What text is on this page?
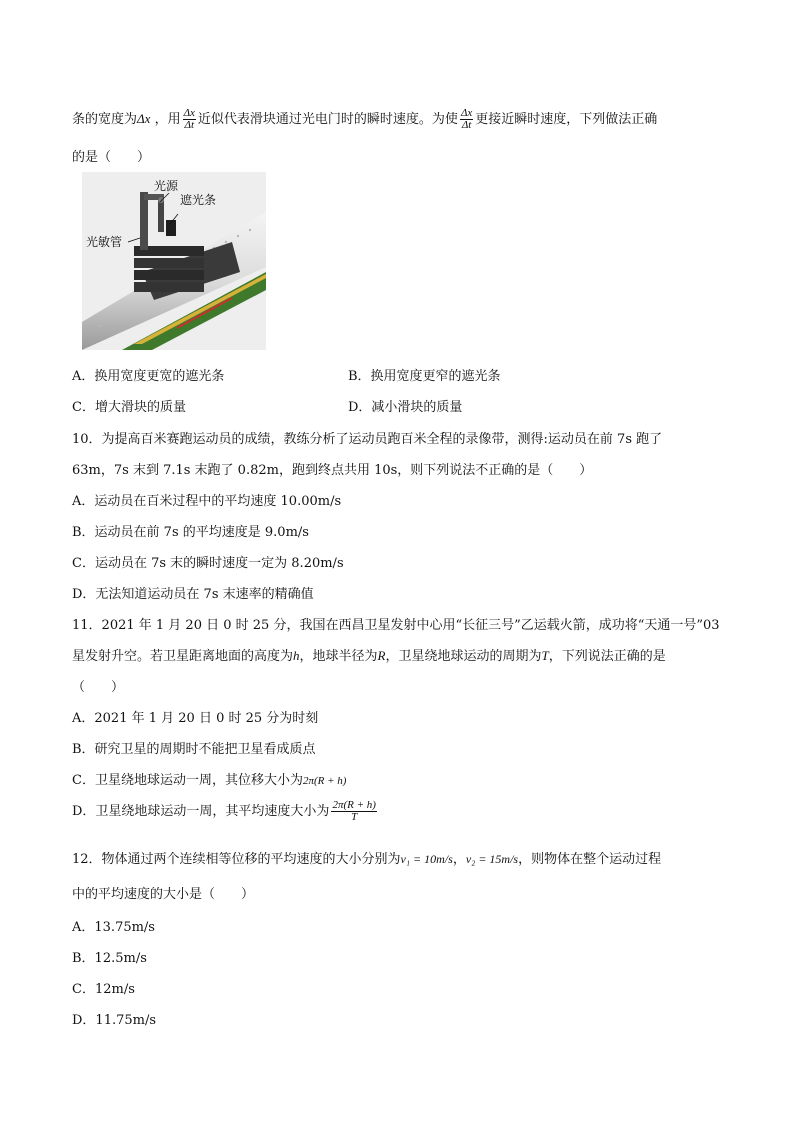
条的宽度为Δx ，用 $\frac{\Delta x}{\Delta t}$ 近似代表滑块通过光电门时的瞬时速度。为使 $\frac{\Delta x}{\Delta t}$ 更接近瞬时速度，下列做法正确
的是（　　）
光源
遮光条
光敏管
A．换用宽度更宽的遮光条	B．换用宽度更窄的遮光条
C．增大滑块的质量	D．减小滑块的质量
10．为提高百米赛跑运动员的成绩，教练分析了运动员跑百米全程的录像带，测得:运动员在前 7s 跑了
63m，7s 末到 7.1s 末跑了 0.82m，跑到终点共用 10s，则下列说法不正确的是（　　）
A．运动员在百米过程中的平均速度 10.00m/s
B．运动员在前 7s 的平均速度是 9.0m/s
C．运动员在 7s 末的瞬时速度一定为 8.20m/s
D．无法知道运动员在 7s 末速率的精确值
11．2021 年 1 月 20 日 0 时 25 分，我国在西昌卫星发射中心用“长征三号”乙运载火箭，成功将“天通一号”03
星发射升空。若卫星距离地面的高度为h，地球半径为R，卫星绕地球运动的周期为T，下列说法正确的是
（　　）
A．2021 年 1 月 20 日 0 时 25 分为时刻
B．研究卫星的周期时不能把卫星看成质点
C．卫星绕地球运动一周，其位移大小为2π(R + h)
D．卫星绕地球运动一周，其平均速度大小为 $\frac{2\pi(R + h)}{T}$
12．物体通过两个连续相等位移的平均速度的大小分别为v₁ = 10m/s，v₂ = 15m/s，则物体在整个运动过程
中的平均速度的大小是（　　）
A．13.75m/s
B．12.5m/s
C．12m/s
D．11.75m/s
